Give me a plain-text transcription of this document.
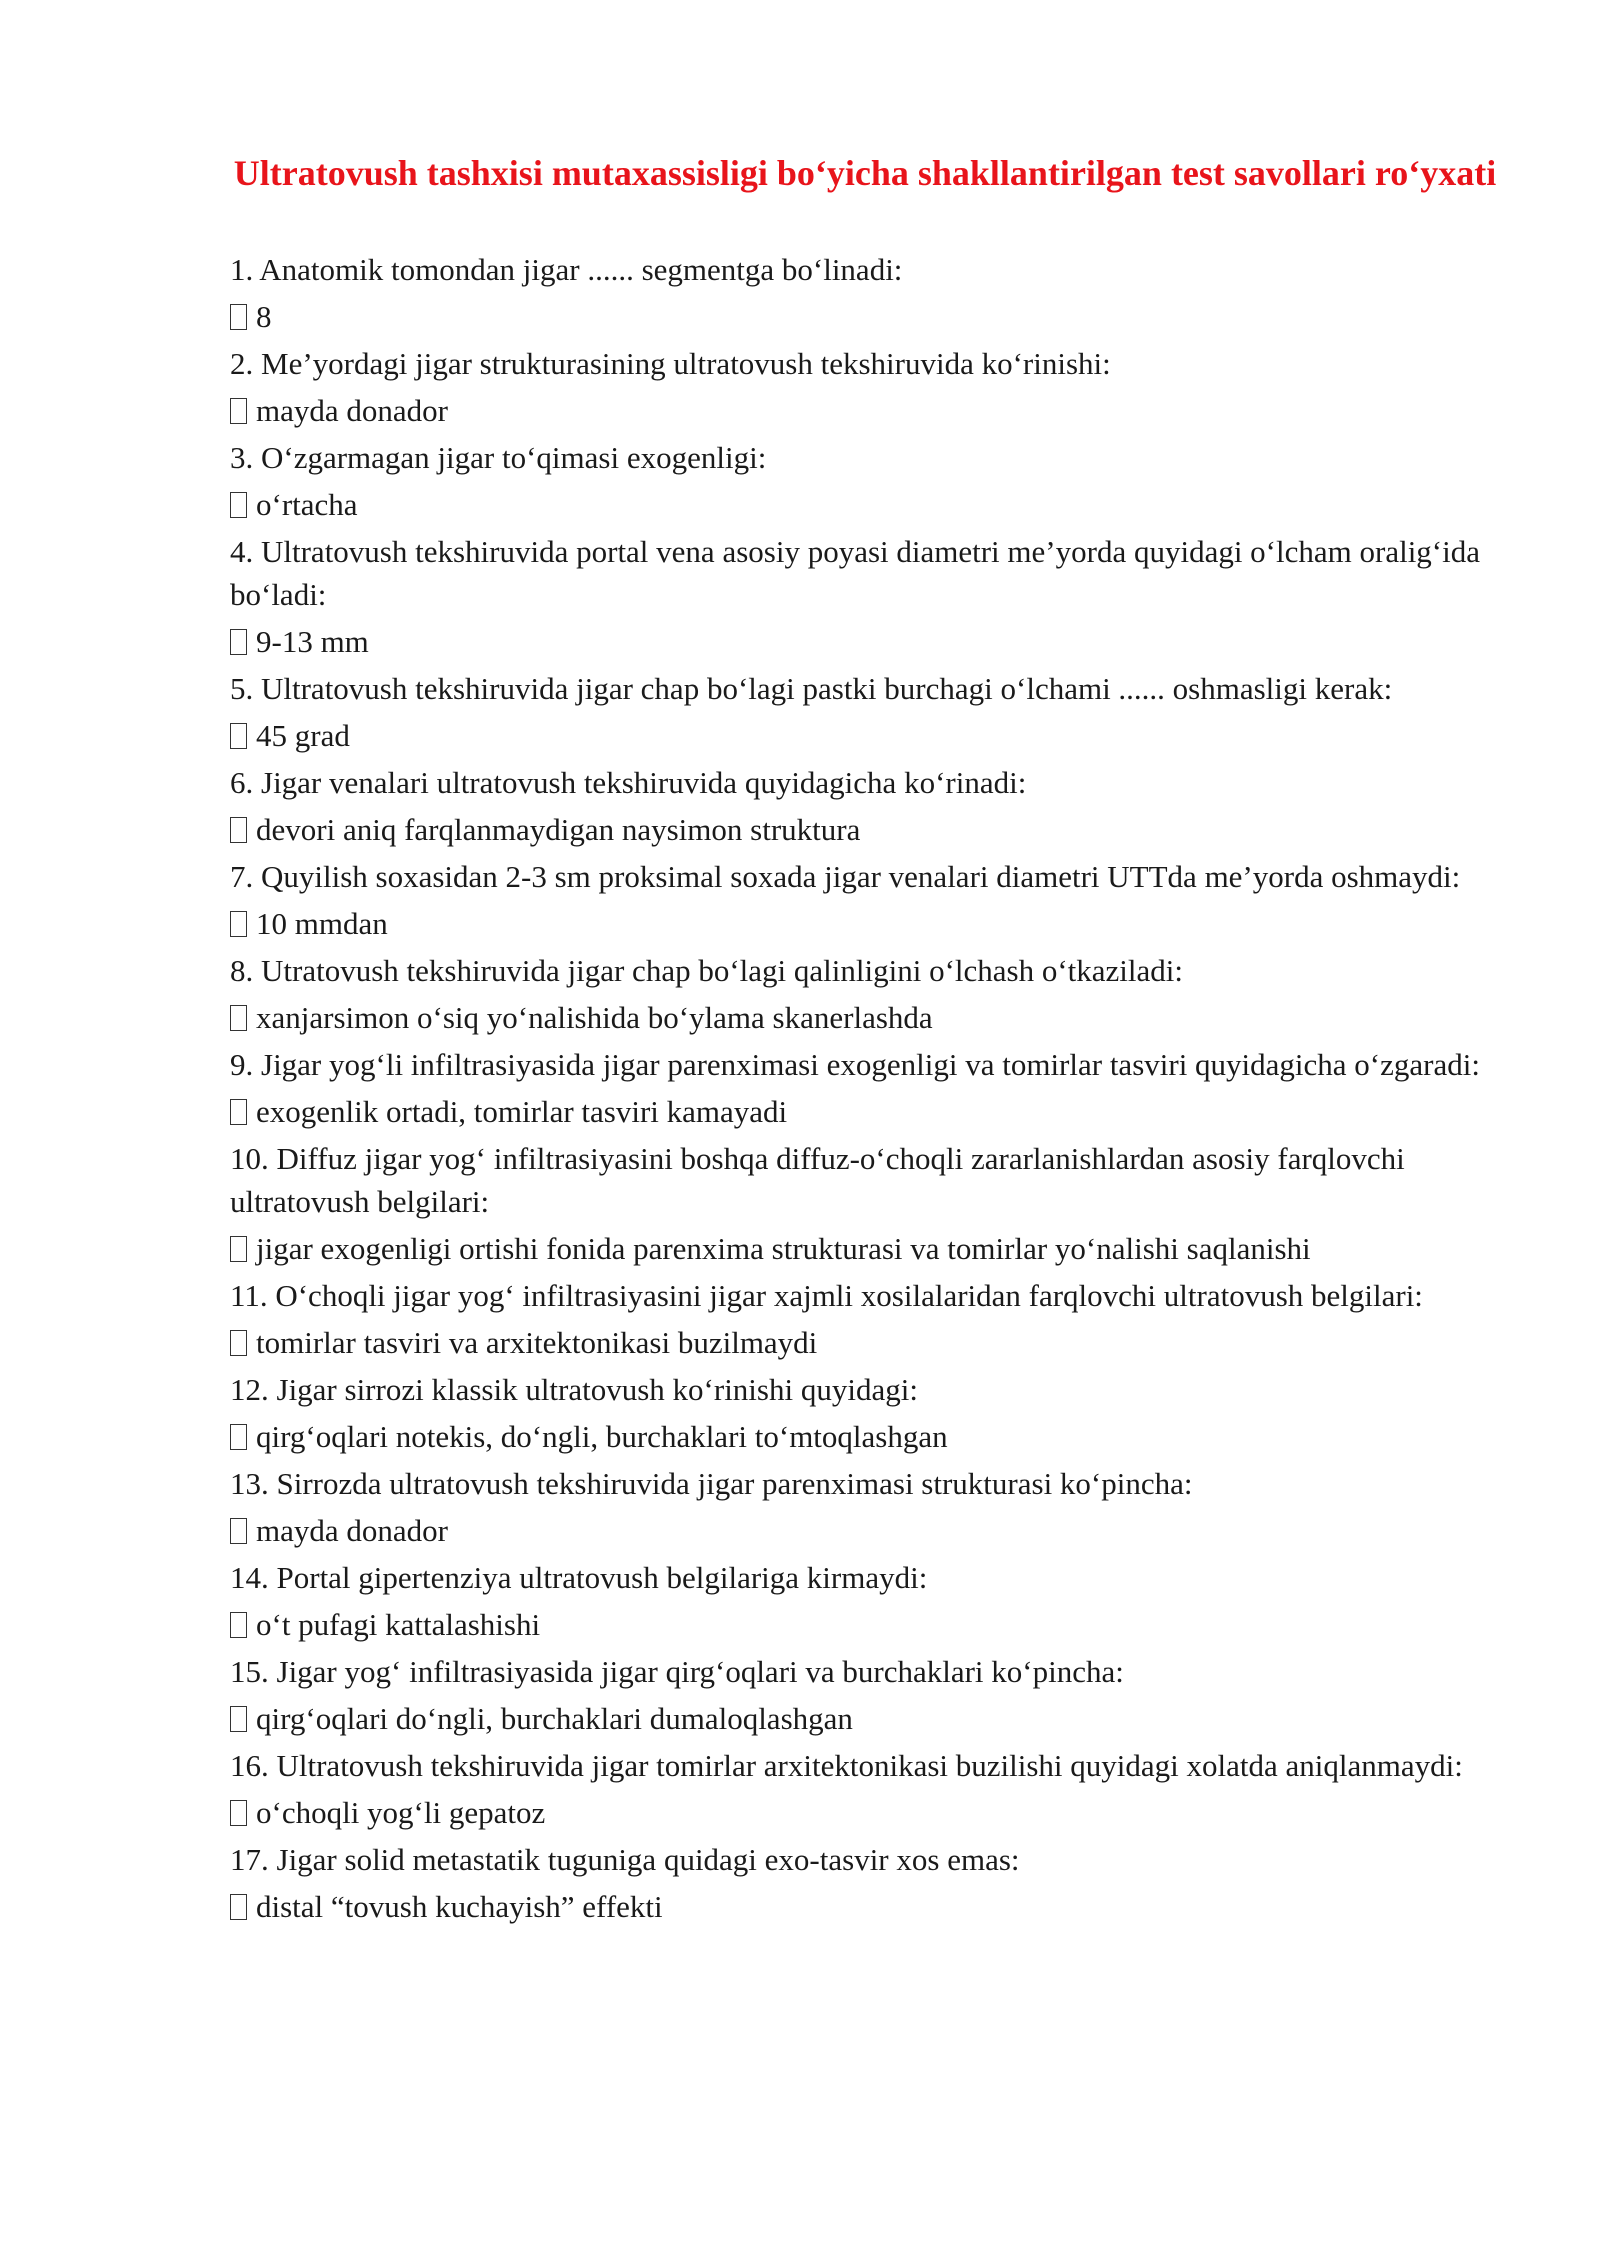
Ultratovush tashxisi mutaxassisligi bo‘yicha shakllantirilgan test savollari ro‘yxati
1. Anatomik tomondan jigar ...... segmentga bo‘linadi:
8
2. Me’yordagi jigar strukturasining ultratovush tekshiruvida ko‘rinishi:
mayda donador
3. O‘zgarmagan jigar to‘qimasi exogenligi:
o‘rtacha
4. Ultratovush tekshiruvida portal vena asosiy poyasi diametri me’yorda quyidagi o‘lcham oralig‘ida bo‘ladi:
9-13 mm
5. Ultratovush tekshiruvida jigar chap bo‘lagi pastki burchagi o‘lchami ...... oshmasligi kerak:
45 grad
6. Jigar venalari ultratovush tekshiruvida quyidagicha ko‘rinadi:
devori aniq farqlanmaydigan naysimon struktura
7. Quyilish soxasidan 2-3 sm proksimal soxada jigar venalari diametri UTTda me’yorda oshmaydi:
10 mmdan
8. Utratovush tekshiruvida jigar chap bo‘lagi qalinligini o‘lchash o‘tkaziladi:
xanjarsimon o‘siq yo‘nalishida bo‘ylama skanerlashda
9. Jigar yog‘li infiltrasiyasida jigar parenximasi exogenligi va tomirlar tasviri quyidagicha o‘zgaradi:
exogenlik ortadi, tomirlar tasviri kamayadi
10. Diffuz jigar yog‘ infiltrasiyasini boshqa diffuz-o‘choqli zararlanishlardan asosiy farqlovchi ultratovush belgilari:
jigar exogenligi ortishi fonida parenxima strukturasi va tomirlar yo‘nalishi saqlanishi
11. O‘choqli jigar yog‘ infiltrasiyasini jigar xajmli xosilalaridan farqlovchi ultratovush belgilari:
tomirlar tasviri va arxitektonikasi buzilmaydi
12. Jigar sirrozi klassik ultratovush ko‘rinishi quyidagi:
qirg‘oqlari notekis, do‘ngli, burchaklari to‘mtoqlashgan
13. Sirrozda ultratovush tekshiruvida jigar parenximasi strukturasi ko‘pincha:
mayda donador
14. Portal gipertenziya ultratovush belgilariga kirmaydi:
o‘t pufagi kattalashishi
15. Jigar yog‘ infiltrasiyasida jigar qirg‘oqlari va burchaklari ko‘pincha:
qirg‘oqlari do‘ngli, burchaklari dumaloqlashgan
16. Ultratovush tekshiruvida jigar tomirlar arxitektonikasi buzilishi quyidagi xolatda aniqlanmaydi:
o‘choqli yog‘li gepatoz
17. Jigar solid metastatik tuguniga quidagi exo-tasvir xos emas:
distal “tovush kuchayish” effekti
